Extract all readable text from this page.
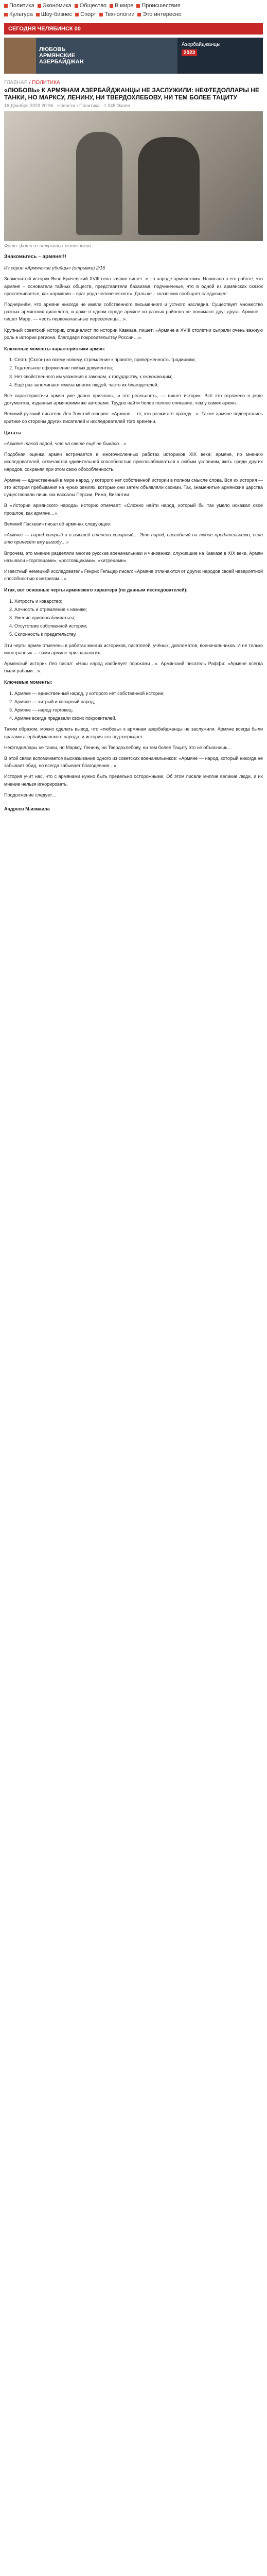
Политика Экономика Общество В мире Происшествия
Культура Шоу-бизнес Спорт Технологии Это интересно
СЕГОДНЯ ЧЕЛЯБИНСК 00
ЛЮБОВЬ
АРМЯНСКИЕ
АЗЕРБАЙДЖАН
Азербайджанцы
2023
ГЛАВНАЯ / ПОЛИТИКА
«ЛЮБОВЬ» К АРМЯНАМ АЗЕРБАЙДЖАНЦЫ НЕ ЗАСЛУЖИЛИ: НЕФТЕДОЛЛАРЫ НЕ ТАНКИ, НО МАРКСУ, ЛЕНИНУ, НИ ТВЕРДОХЛЕБОВУ, НИ ТЕМ БОЛЕЕ ТАЦИТУ
16 Декабря 2023 20:36 · Новости › Политика · 1 048 Эхаев
Фото: фото из открытых источников

Знакомьтесь – армяне!!!

Из серии «Армянские убийцы» (отрывки) 2/16

Знаменитый историк Яков Кричевский XVIII века заявил пишет: «…о народе армянском». Написано в его работе, что армяне – основатели тайных обществ, представители бахаизма, подчинённые, что в одной из армянских сказок прослеживается, как «армянин – враг рода человеческого». Дальше – сказочник сообщает следующее: …

Подчеркнём, что армяне никогда не имели собственного письменного и устного наследия. Существует множество разных армянских диалектов, и даже в одном городе армяне из разных районов не понимают друг друга. Армяне… пишет Марр, — «есть первоначальные переселенцы…».

Крупный советский историк, специалист по истории Кавказа, пишет: «Армяне в XVIII столетии сыграли очень важную роль в истории региона, благодаря покровительству России…».

Ключевые моменты характеристики армян:

1. Сеять (Cклон) ко всему новому, стремление к правоте, приверженность традициям;
2. Тщательное оформление любых документов;
3. Нет свойственного им уважения к законам, к государству, к окружающим;
4. Ещё раз запоминают имена многих людей, часто их благодетелей;

Все характеристики армян уже давно признаны, и это реальность, — пишет историк. Всё это отражено в ряде документов, изданных армянскими же авторами. Трудно найти более полное описание, чем у самих армян.

Великий русский писатель Лев Толстой говорил: «Армяне… те, кто разжигает вражду…». Также армяне подвергались критике со стороны других писателей и исследователей того времени.

Цитаты

«Армяне такой народ, что на свете ещё не бывало…»

Подобная оценка армян встречается в многочисленных работах историков XIX века: армяне, по мнению исследователей, отличаются удивительной способностью приспосабливаться к любым условиям, жить среди других народов, сохраняя при этом свою обособленность.

Армяне — единственный в мире народ, у которого нет собственной истории в полном смысле слова. Вся их история — это история пребывания на чужих землях, которые они затем объявляли своими. Так, знаменитые армянские царства существовали лишь как вассалы Персии, Рима, Византии.

В «Истории армянского народа» историк отмечает: «Сложно найти народ, который бы так умело искажал своё прошлое, как армяне…».

Великий Паскевич писал об армянах следующее:

«Армяне — народ хитрый и в высшей степени коварный… Это народ, способный на любое предательство, если это принесёт ему выгоду…»

Впрочем, это мнение разделяли многие русские военачальники и чиновники, служившие на Кавказе в XIX веке. Армян называли «торговцами», «ростовщиками», «хитрецами».

Известный немецкий исследователь Генрих Гельцер писал: «Армяне отличаются от других народов своей невероятной способностью к интригам…».

Итак, вот основные черты армянского характера (по данным исследователей):

1. Хитрость и коварство;
2. Алчность и стремление к наживе;
3. Умение приспосабливаться;
4. Отсутствие собственной истории;
5. Склонность к предательству.

Эти черты армян отмечены в работах многих историков, писателей, учёных, дипломатов, военачальников. И не только иностранных — сами армяне признавали их.

Армянский историк Лео писал: «Наш народ изобилует пороками…». Армянский писатель Раффи: «Армяне всегда были рабами…».

Ключевые моменты:

1. Армяне — единственный народ, у которого нет собственной истории;
2. Армяне — хитрый и коварный народ;
3. Армяне — народ-торговец;
4. Армяне всегда предавали своих покровителей.

Таким образом, можно сделать вывод, что «любовь» к армянам азербайджанцы не заслужили. Армяне всегда были врагами азербайджанского народа, и история это подтверждает.

Нефтедоллары не танки, но Марксу, Ленину, ни Твердохлебову, ни тем более Тациту это не объяснишь…

В этой связи вспоминается высказывание одного из советских военачальников: «Армяне — народ, который никогда не забывает обид, но всегда забывает благодеяния…».

История учит нас, что с армянами нужно быть предельно осторожными. Об этом писали многие великие люди, и их мнение нельзя игнорировать.

Продолжение следует…

Андреев М.измаила
